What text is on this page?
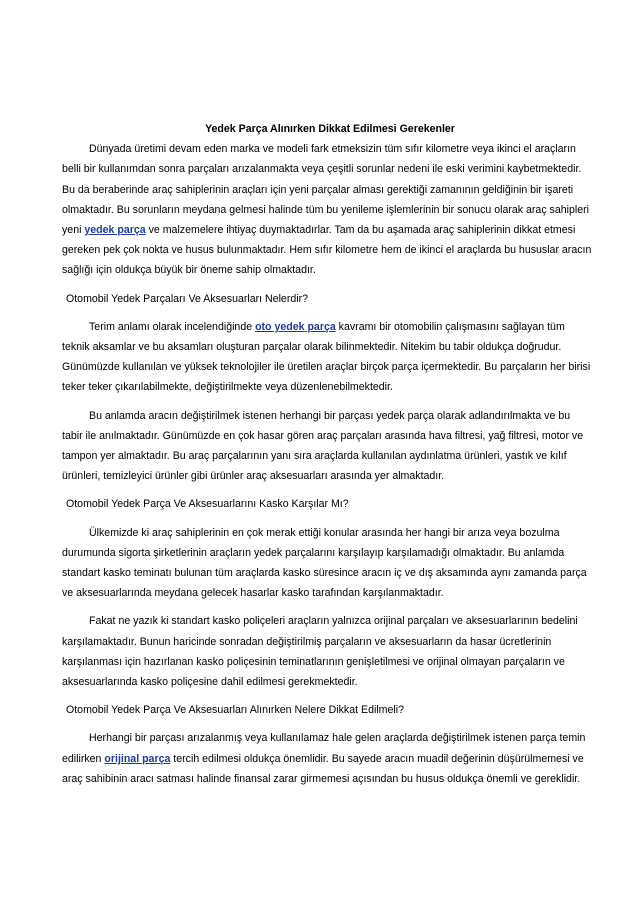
Yedek Parça Alınırken Dikkat Edilmesi Gerekenler

Dünyada üretimi devam eden marka ve modeli fark etmeksizin tüm sıfır kilometre veya ikinci el araçların belli bir kullanımdan sonra parçaları arızalanmakta veya çeşitli sorunlar nedeni ile eski verimini kaybetmektedir. Bu da beraberinde araç sahiplerinin araçları için yeni parçalar alması gerektiği zamanının geldiğinin bir işareti olmaktadır. Bu sorunların meydana gelmesi halinde tüm bu yenileme işlemlerinin bir sonucu olarak araç sahipleri yeni yedek parça ve malzemelere ihtiyaç duymaktadırlar. Tam da bu aşamada araç sahiplerinin dikkat etmesi gereken pek çok nokta ve husus bulunmaktadır. Hem sıfır kilometre hem de ikinci el araçlarda bu hususlar aracın sağlığı için oldukça büyük bir öneme sahip olmaktadır.

Otomobil Yedek Parçaları Ve Aksesuarları Nelerdir?

Terim anlamı olarak incelendiğinde oto yedek parça kavramı bir otomobilin çalışmasını sağlayan tüm teknik aksamlar ve bu aksamları oluşturan parçalar olarak bilinmektedir. Nitekim bu tabir oldukça doğrudur. Günümüzde kullanılan ve yüksek teknolojiler ile üretilen araçlar birçok parça içermektedir. Bu parçaların her birisi teker teker çıkarılabilmekte, değiştirilmekte veya düzenlenebilmektedir.

Bu anlamda aracın değiştirilmek istenen herhangi bir parçası yedek parça olarak adlandırılmakta ve bu tabir ile anılmaktadır. Günümüzde en çok hasar gören araç parçaları arasında hava filtresi, yağ filtresi, motor ve tampon yer almaktadır. Bu araç parçalarının yanı sıra araçlarda kullanılan aydınlatma ürünleri, yastık ve kılıf ürünleri, temizleyici ürünler gibi ürünler araç aksesuarları arasında yer almaktadır.

Otomobil Yedek Parça Ve Aksesuarlarını Kasko Karşılar Mı?

Ülkemizde ki araç sahiplerinin en çok merak ettiği konular arasında her hangi bir arıza veya bozulma durumunda sigorta şirketlerinin araçların yedek parçalarını karşılayıp karşılamadığı olmaktadır. Bu anlamda standart kasko teminatı bulunan tüm araçlarda kasko süresince aracın iç ve dış aksamında aynı zamanda parça ve aksesuarlarında meydana gelecek hasarlar kasko tarafından karşılanmaktadır.

Fakat ne yazık ki standart kasko poliçeleri araçların yalnızca orijinal parçaları ve aksesuarlarının bedelini karşılamaktadır. Bunun haricinde sonradan değiştirilmiş parçaların ve aksesuarların da hasar ücretlerinin karşılanması için hazırlanan kasko poliçesinin teminatlarının genişletilmesi ve orijinal olmayan parçaların ve aksesuarlarında kasko poliçesine dahil edilmesi gerekmektedir.

Otomobil Yedek Parça Ve Aksesuarları Alınırken Nelere Dikkat Edilmeli?

Herhangi bir parçası arızalanmış veya kullanılamaz hale gelen araçlarda değiştirilmek istenen parça temin edilirken orijinal parça tercih edilmesi oldukça önemlidir. Bu sayede aracın muadil değerinin düşürülmemesi ve araç sahibinin aracı satması halinde finansal zarar girmemesi açısından bu husus oldukça önemli ve gereklidir.
